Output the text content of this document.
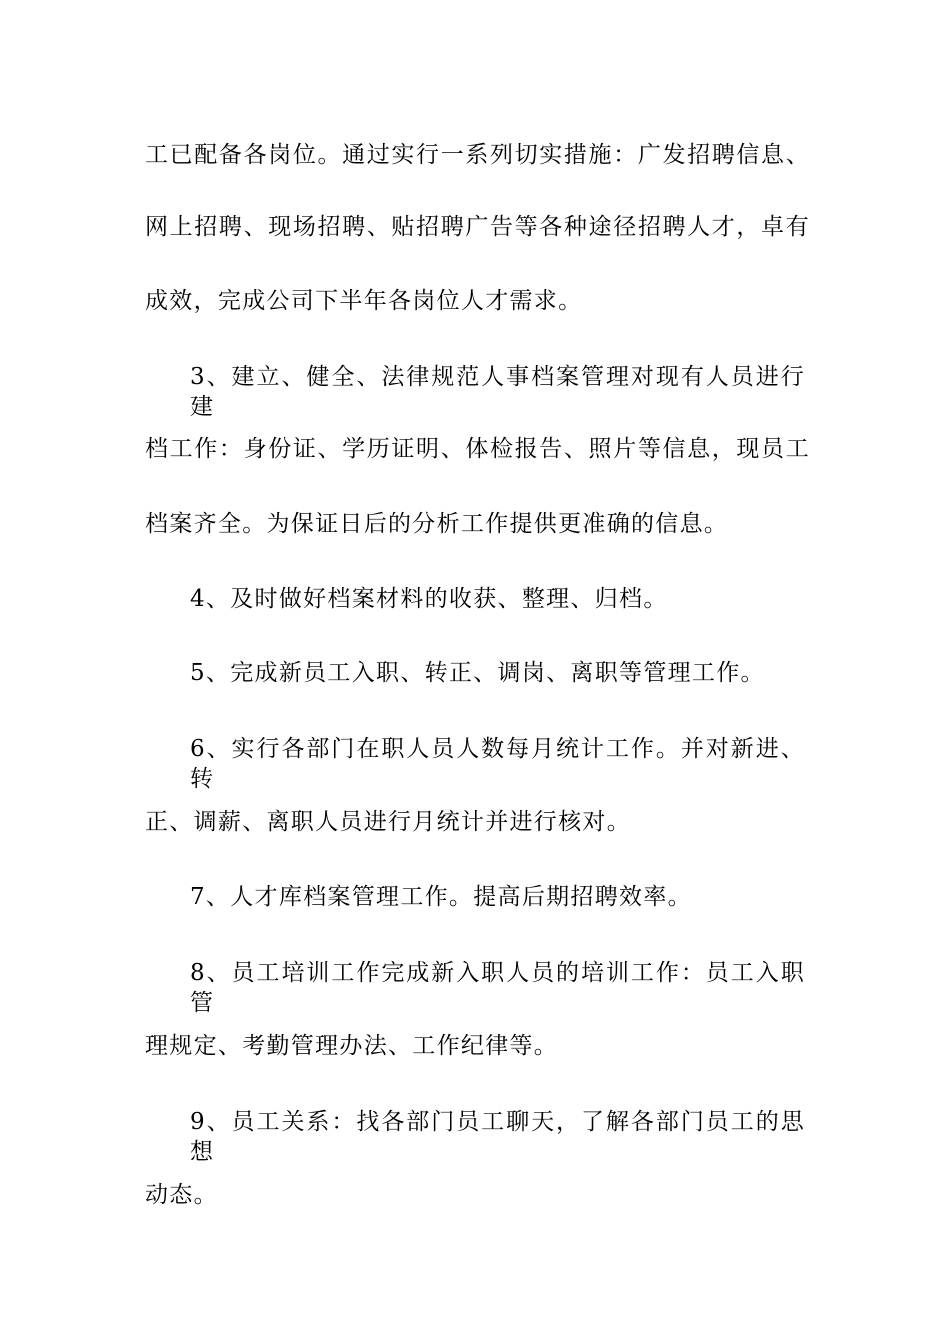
工已配备各岗位。通过实行一系列切实措施：广发招聘信息、
网上招聘、现场招聘、贴招聘广告等各种途径招聘人才，卓有
成效，完成公司下半年各岗位人才需求。
3、建立、健全、法律规范人事档案管理对现有人员进行建
档工作：身份证、学历证明、体检报告、照片等信息，现员工
档案齐全。为保证日后的分析工作提供更准确的信息。
4、及时做好档案材料的收获、整理、归档。
5、完成新员工入职、转正、调岗、离职等管理工作。
6、实行各部门在职人员人数每月统计工作。并对新进、转
正、调薪、离职人员进行月统计并进行核对。
7、人才库档案管理工作。提高后期招聘效率。
8、员工培训工作完成新入职人员的培训工作：员工入职管
理规定、考勤管理办法、工作纪律等。
9、员工关系：找各部门员工聊天，了解各部门员工的思想
动态。
